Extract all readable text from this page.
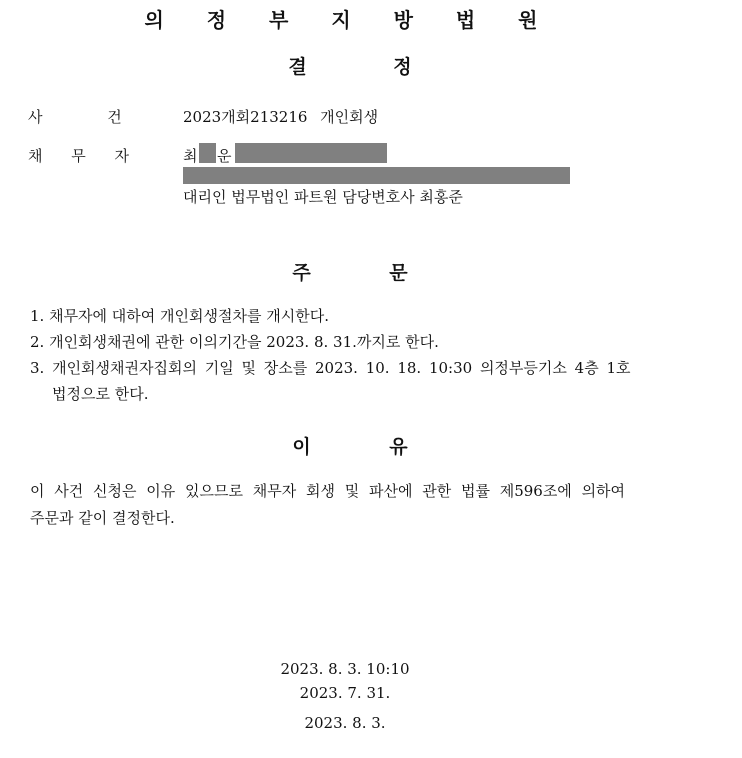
의 정 부 지 방 법 원
결 정
사 건	2023개회213216 개인회생
채 무 자	최 운
대리인 법무법인 파트원 담당변호사 최홍준
주 문
1. 채무자에 대하여 개인회생절차를 개시한다.
2. 개인회생채권에 관한 이의기간을 2023. 8. 31.까지로 한다.
3. 개인회생채권자집회의 기일 및 장소를 2023. 10. 18. 10:30 의정부등기소 4층 1호
법정으로 한다.
이 유
이 사건 신청은 이유 있으므로 채무자 회생 및 파산에 관한 법률 제596조에 의하여
주문과 같이 결정한다.
2023. 8. 3. 10:10
2023. 7. 31.
2023. 8. 3.
